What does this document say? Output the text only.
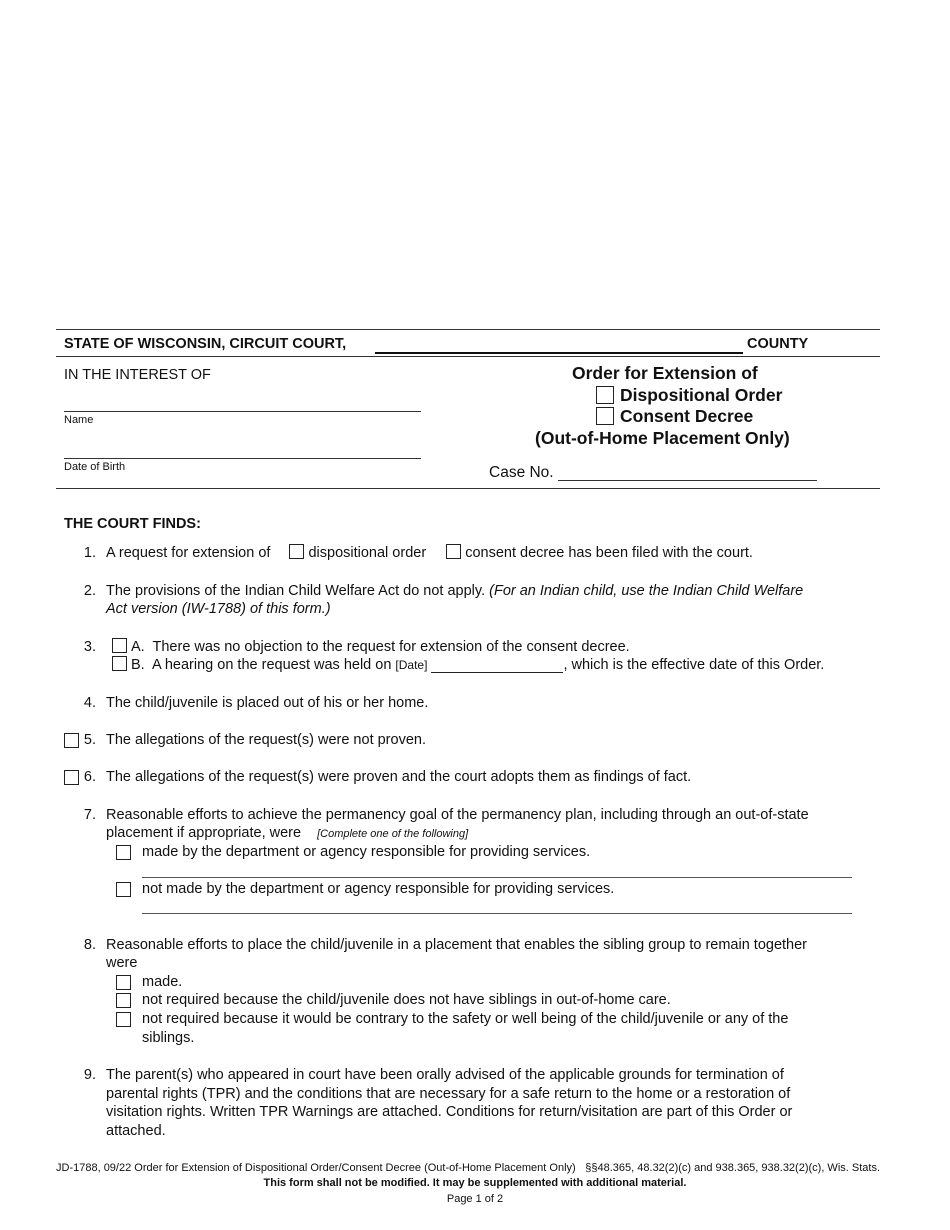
STATE OF WISCONSIN, CIRCUIT COURT,	COUNTY
IN THE INTEREST OF
Name
Date of Birth
Order for Extension of
Dispositional Order
Consent Decree
(Out-of-Home Placement Only)
Case No.
THE COURT FINDS:
1. A request for extension of	dispositional order	consent decree has been filed with the court.
2. The provisions of the Indian Child Welfare Act do not apply. (For an Indian child, use the Indian Child Welfare
Act version (IW-1788) of this form.)
3.	A. There was no objection to the request for extension of the consent decree.
B. A hearing on the request was held on [Date]	, which is the effective date of this Order.
4. The child/juvenile is placed out of his or her home.
5. The allegations of the request(s) were not proven.
6. The allegations of the request(s) were proven and the court adopts them as findings of fact.
7. Reasonable efforts to achieve the permanency goal of the permanency plan, including through an out-of-state
placement if appropriate, were [Complete one of the following]
made by the department or agency responsible for providing services.
not made by the department or agency responsible for providing services.
8. Reasonable efforts to place the child/juvenile in a placement that enables the sibling group to remain together
were
made.
not required because the child/juvenile does not have siblings in out-of-home care.
not required because it would be contrary to the safety or well being of the child/juvenile or any of the
siblings.
9. The parent(s) who appeared in court have been orally advised of the applicable grounds for termination of
parental rights (TPR) and the conditions that are necessary for a safe return to the home or a restoration of
visitation rights. Written TPR Warnings are attached. Conditions for return/visitation are part of this Order or
attached.
JD-1788, 09/22 Order for Extension of Dispositional Order/Consent Decree (Out-of-Home Placement Only) §§48.365, 48.32(2)(c) and 938.365, 938.32(2)(c), Wis. Stats.
This form shall not be modified. It may be supplemented with additional material.
Page 1 of 2
